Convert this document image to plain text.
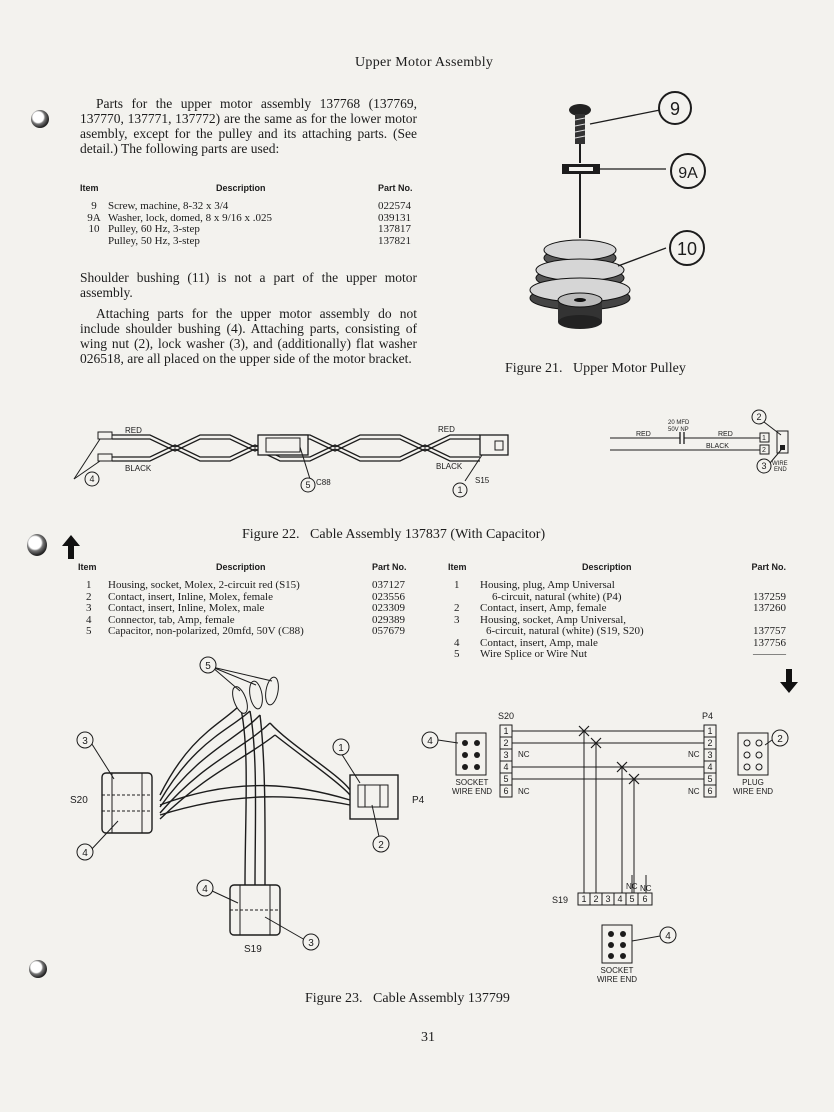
Upper Motor Assembly
Parts for the upper motor assembly 137768 (137769, 137770, 137771, 137772) are the same as for the lower motor asembly, except for the pulley and its attaching parts. (See detail.) The following parts are used:
Item	Description	Part No.
9	Screw, machine, 8-32 x 3/4	022574
9A	Washer, lock, domed, 8 x 9/16 x .025	039131
10	Pulley, 60 Hz, 3-step	137817
	Pulley, 50 Hz, 3-step	137821
Shoulder bushing (11) is not a part of the upper motor assembly.
Attaching parts for the upper motor assembly do not include shoulder bushing (4). Attaching parts, consisting of wing nut (2), lock washer (3), and (additionally) flat washer 026518, are all placed on the upper side of the motor bracket.
9
9A
10
Figure 21.   Upper Motor Pulley
RED
BLACK
RED
BLACK
C88	S15
4
5	1
1
2
RED	RED
BLACK
20 MFD
50V NP
WIRE
END
2
3
Figure 22.   Cable Assembly 137837 (With Capacitor)
Item	Description	Part No.
1	Housing, socket, Molex, 2-circuit red (S15)	037127
2	Contact, insert, Inline, Molex, female	023556
3	Contact, insert, Inline, Molex, male	023309
4	Connector, tab, Amp, female	029389
5	Capacitor, non-polarized, 20mfd, 50V (C88)	057679
Item	Description	Part No.
1	Housing, plug, Amp Universal	
	6-circuit, natural (white) (P4)	137259
2	Contact, insert, Amp, female	137260
3	Housing, socket, Amp Universal,	
	6-circuit, natural (white) (S19, S20)	137757
4	Contact, insert, Amp, male	137756
5	Wire Splice or Wire Nut	———
S20	P4
S19
5
3
1
4
2
4
3
1
2
3
4
5
6
1
2
3
4
5
6
S20	P4
NC
NC
NC
NC
1 2 3 4 5 6
NC NC
S19
SOCKET
WIRE END
4
PLUG
WIRE END
2
SOCKET
WIRE END
4
Figure 23.   Cable Assembly 137799
31
